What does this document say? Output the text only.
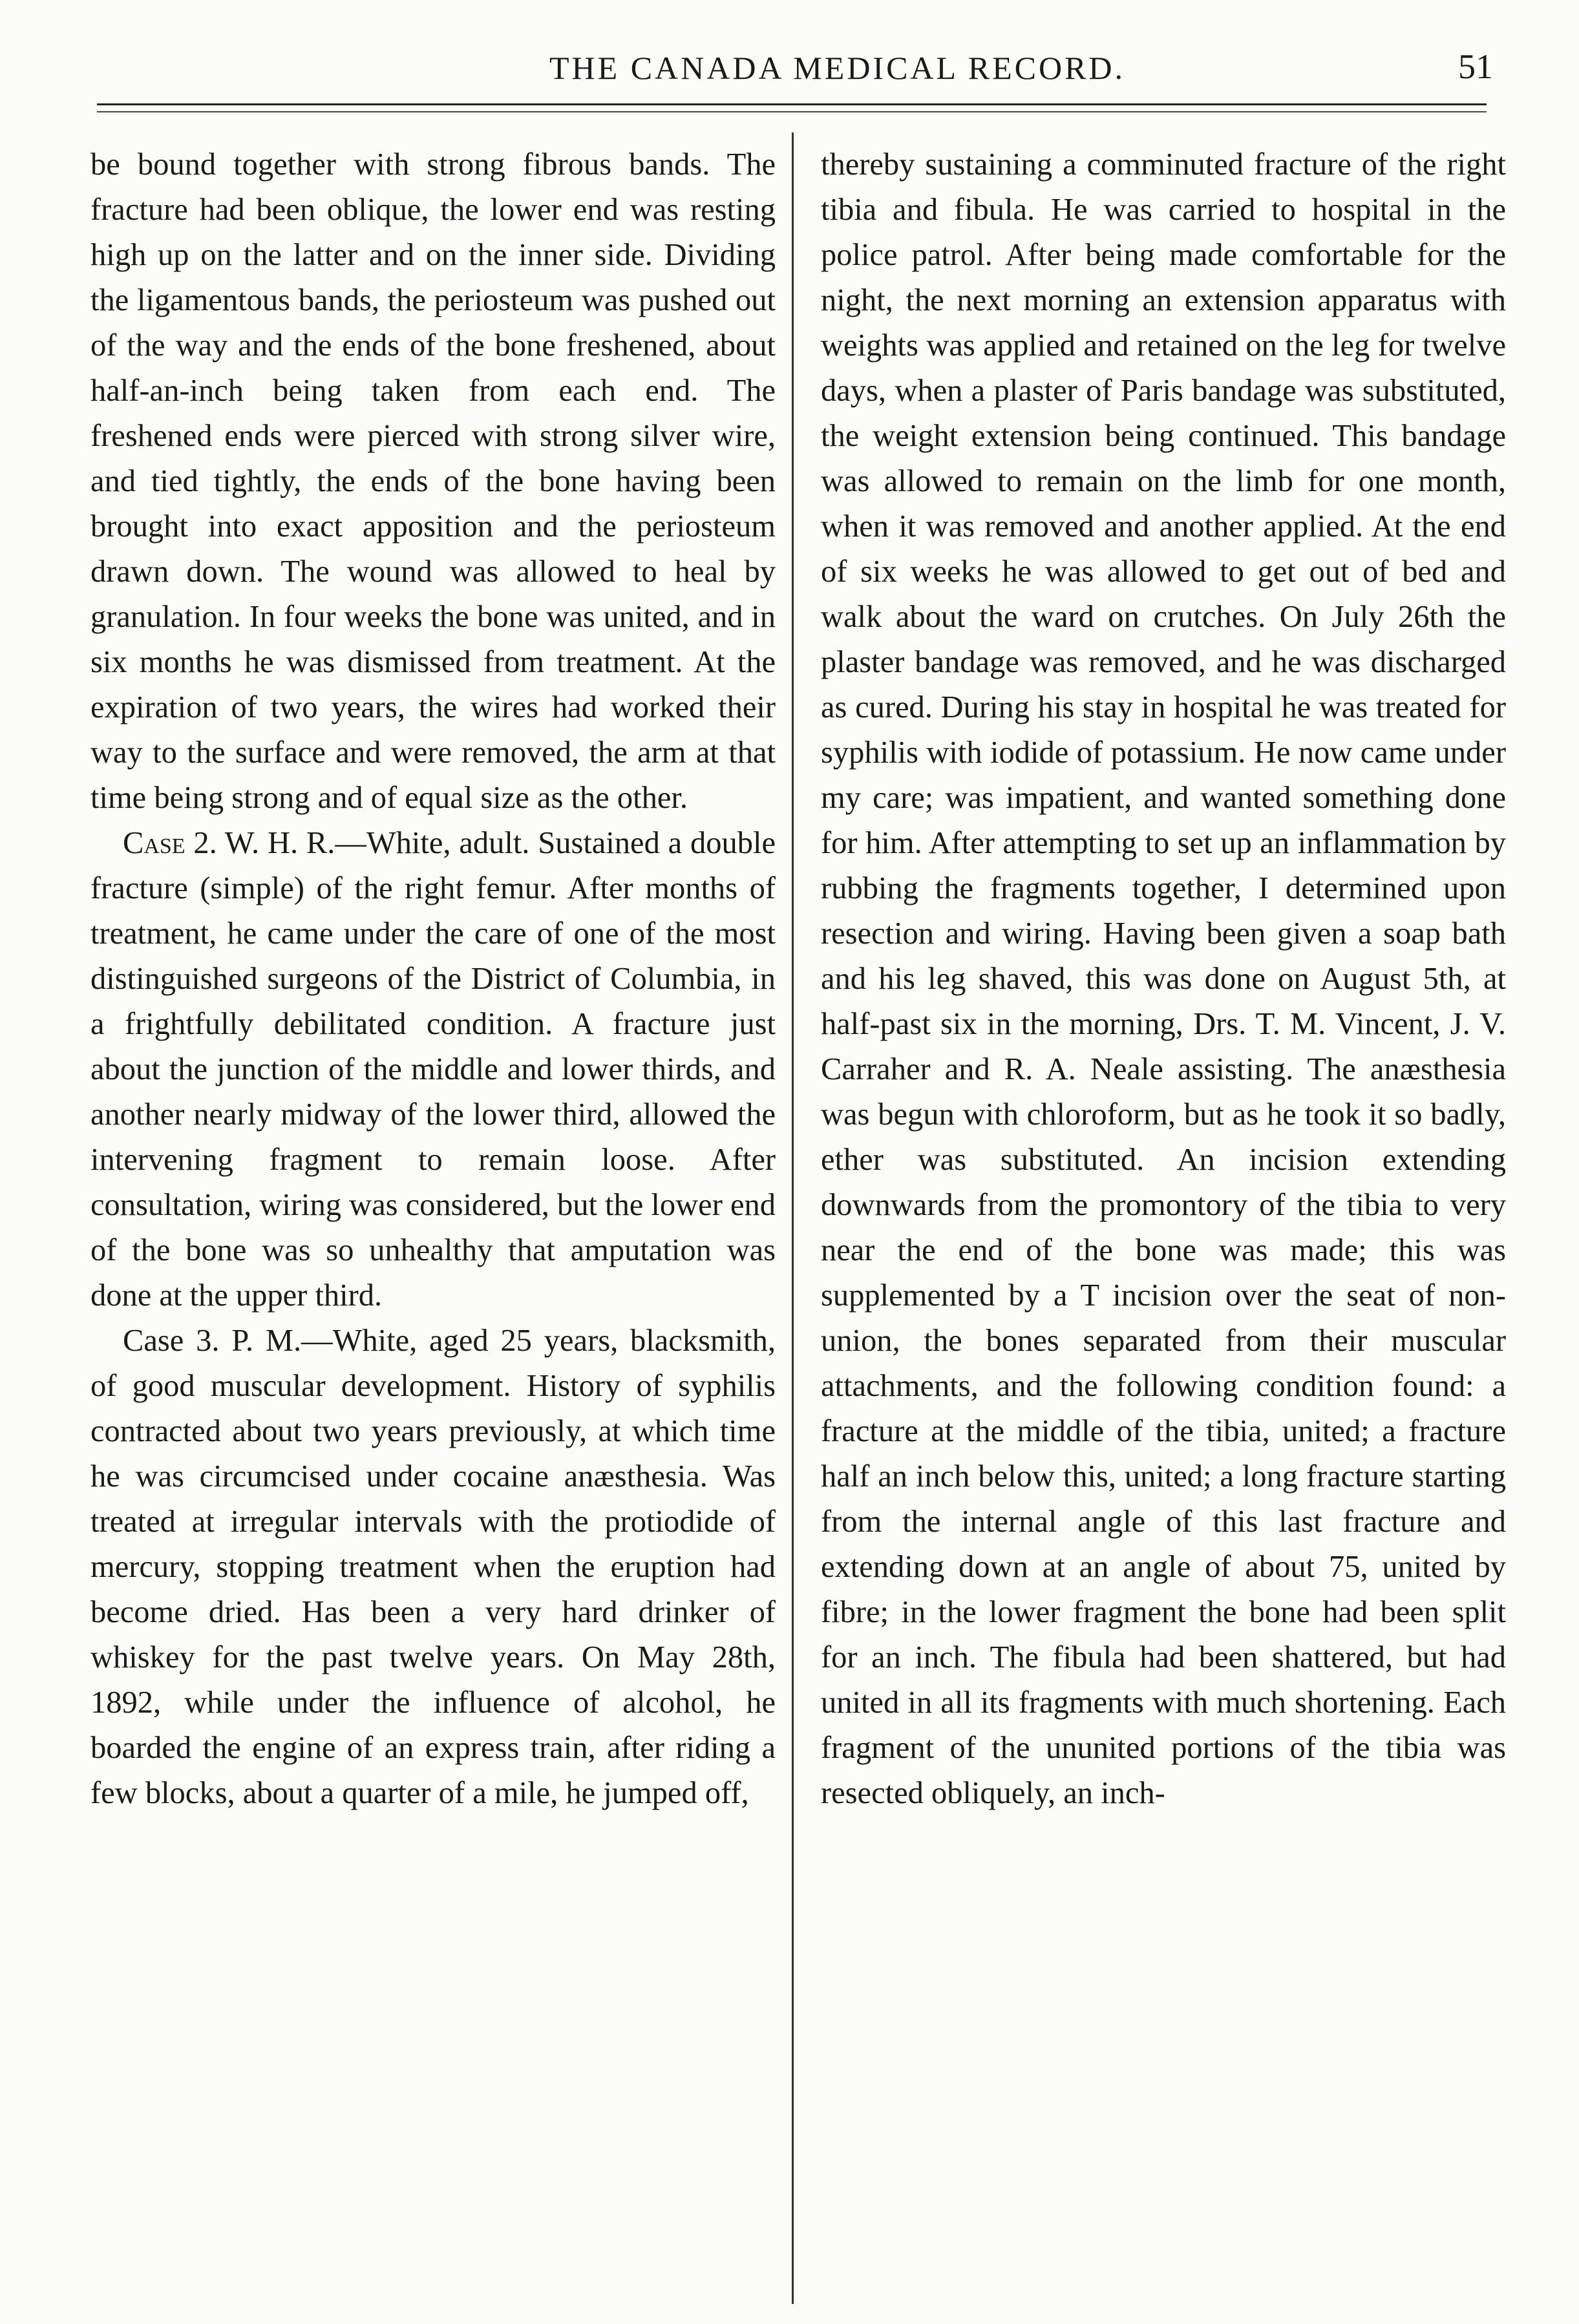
THE CANADA MEDICAL RECORD.	51

be bound together with strong fibrous bands. The fracture had been oblique, the lower end was resting high up on the latter and on the inner side. Dividing the ligamentous bands, the periosteum was pushed out of the way and the ends of the bone freshened, about half-an-inch being taken from each end. The freshened ends were pierced with strong silver wire, and tied tightly, the ends of the bone having been brought into exact apposition and the periosteum drawn down. The wound was allowed to heal by granulation. In four weeks the bone was united, and in six months he was dismissed from treatment. At the expiration of two years, the wires had worked their way to the surface and were removed, the arm at that time being strong and of equal size as the other.

Case 2. W. H. R.—White, adult. Sustained a double fracture (simple) of the right femur. After months of treatment, he came under the care of one of the most distinguished surgeons of the District of Columbia, in a frightfully debilitated condition. A fracture just about the junction of the middle and lower thirds, and another nearly midway of the lower third, allowed the intervening fragment to remain loose. After consultation, wiring was considered, but the lower end of the bone was so unhealthy that amputation was done at the upper third.

Case 3. P. M.—White, aged 25 years, blacksmith, of good muscular development. History of syphilis contracted about two years previously, at which time he was circumcised under cocaine anæsthesia. Was treated at irregular intervals with the protiodide of mercury, stopping treatment when the eruption had become dried. Has been a very hard drinker of whiskey for the past twelve years. On May 28th, 1892, while under the influence of alcohol, he boarded the engine of an express train, after riding a few blocks, about a quarter of a mile, he jumped off,

thereby sustaining a comminuted fracture of the right tibia and fibula. He was carried to hospital in the police patrol. After being made comfortable for the night, the next morning an extension apparatus with weights was applied and retained on the leg for twelve days, when a plaster of Paris bandage was substituted, the weight extension being continued. This bandage was allowed to remain on the limb for one month, when it was removed and another applied. At the end of six weeks he was allowed to get out of bed and walk about the ward on crutches. On July 26th the plaster bandage was removed, and he was discharged as cured. During his stay in hospital he was treated for syphilis with iodide of potassium. He now came under my care; was impatient, and wanted something done for him. After attempting to set up an inflammation by rubbing the fragments together, I determined upon resection and wiring. Having been given a soap bath and his leg shaved, this was done on August 5th, at half-past six in the morning, Drs. T. M. Vincent, J. V. Carraher and R. A. Neale assisting. The anæsthesia was begun with chloroform, but as he took it so badly, ether was substituted. An incision extending downwards from the promontory of the tibia to very near the end of the bone was made; this was supplemented by a T incision over the seat of non-union, the bones separated from their muscular attachments, and the following condition found: a fracture at the middle of the tibia, united; a fracture half an inch below this, united; a long fracture starting from the internal angle of this last fracture and extending down at an angle of about 75, united by fibre; in the lower fragment the bone had been split for an inch. The fibula had been shattered, but had united in all its fragments with much shortening. Each fragment of the ununited portions of the tibia was resected obliquely, an inch-
